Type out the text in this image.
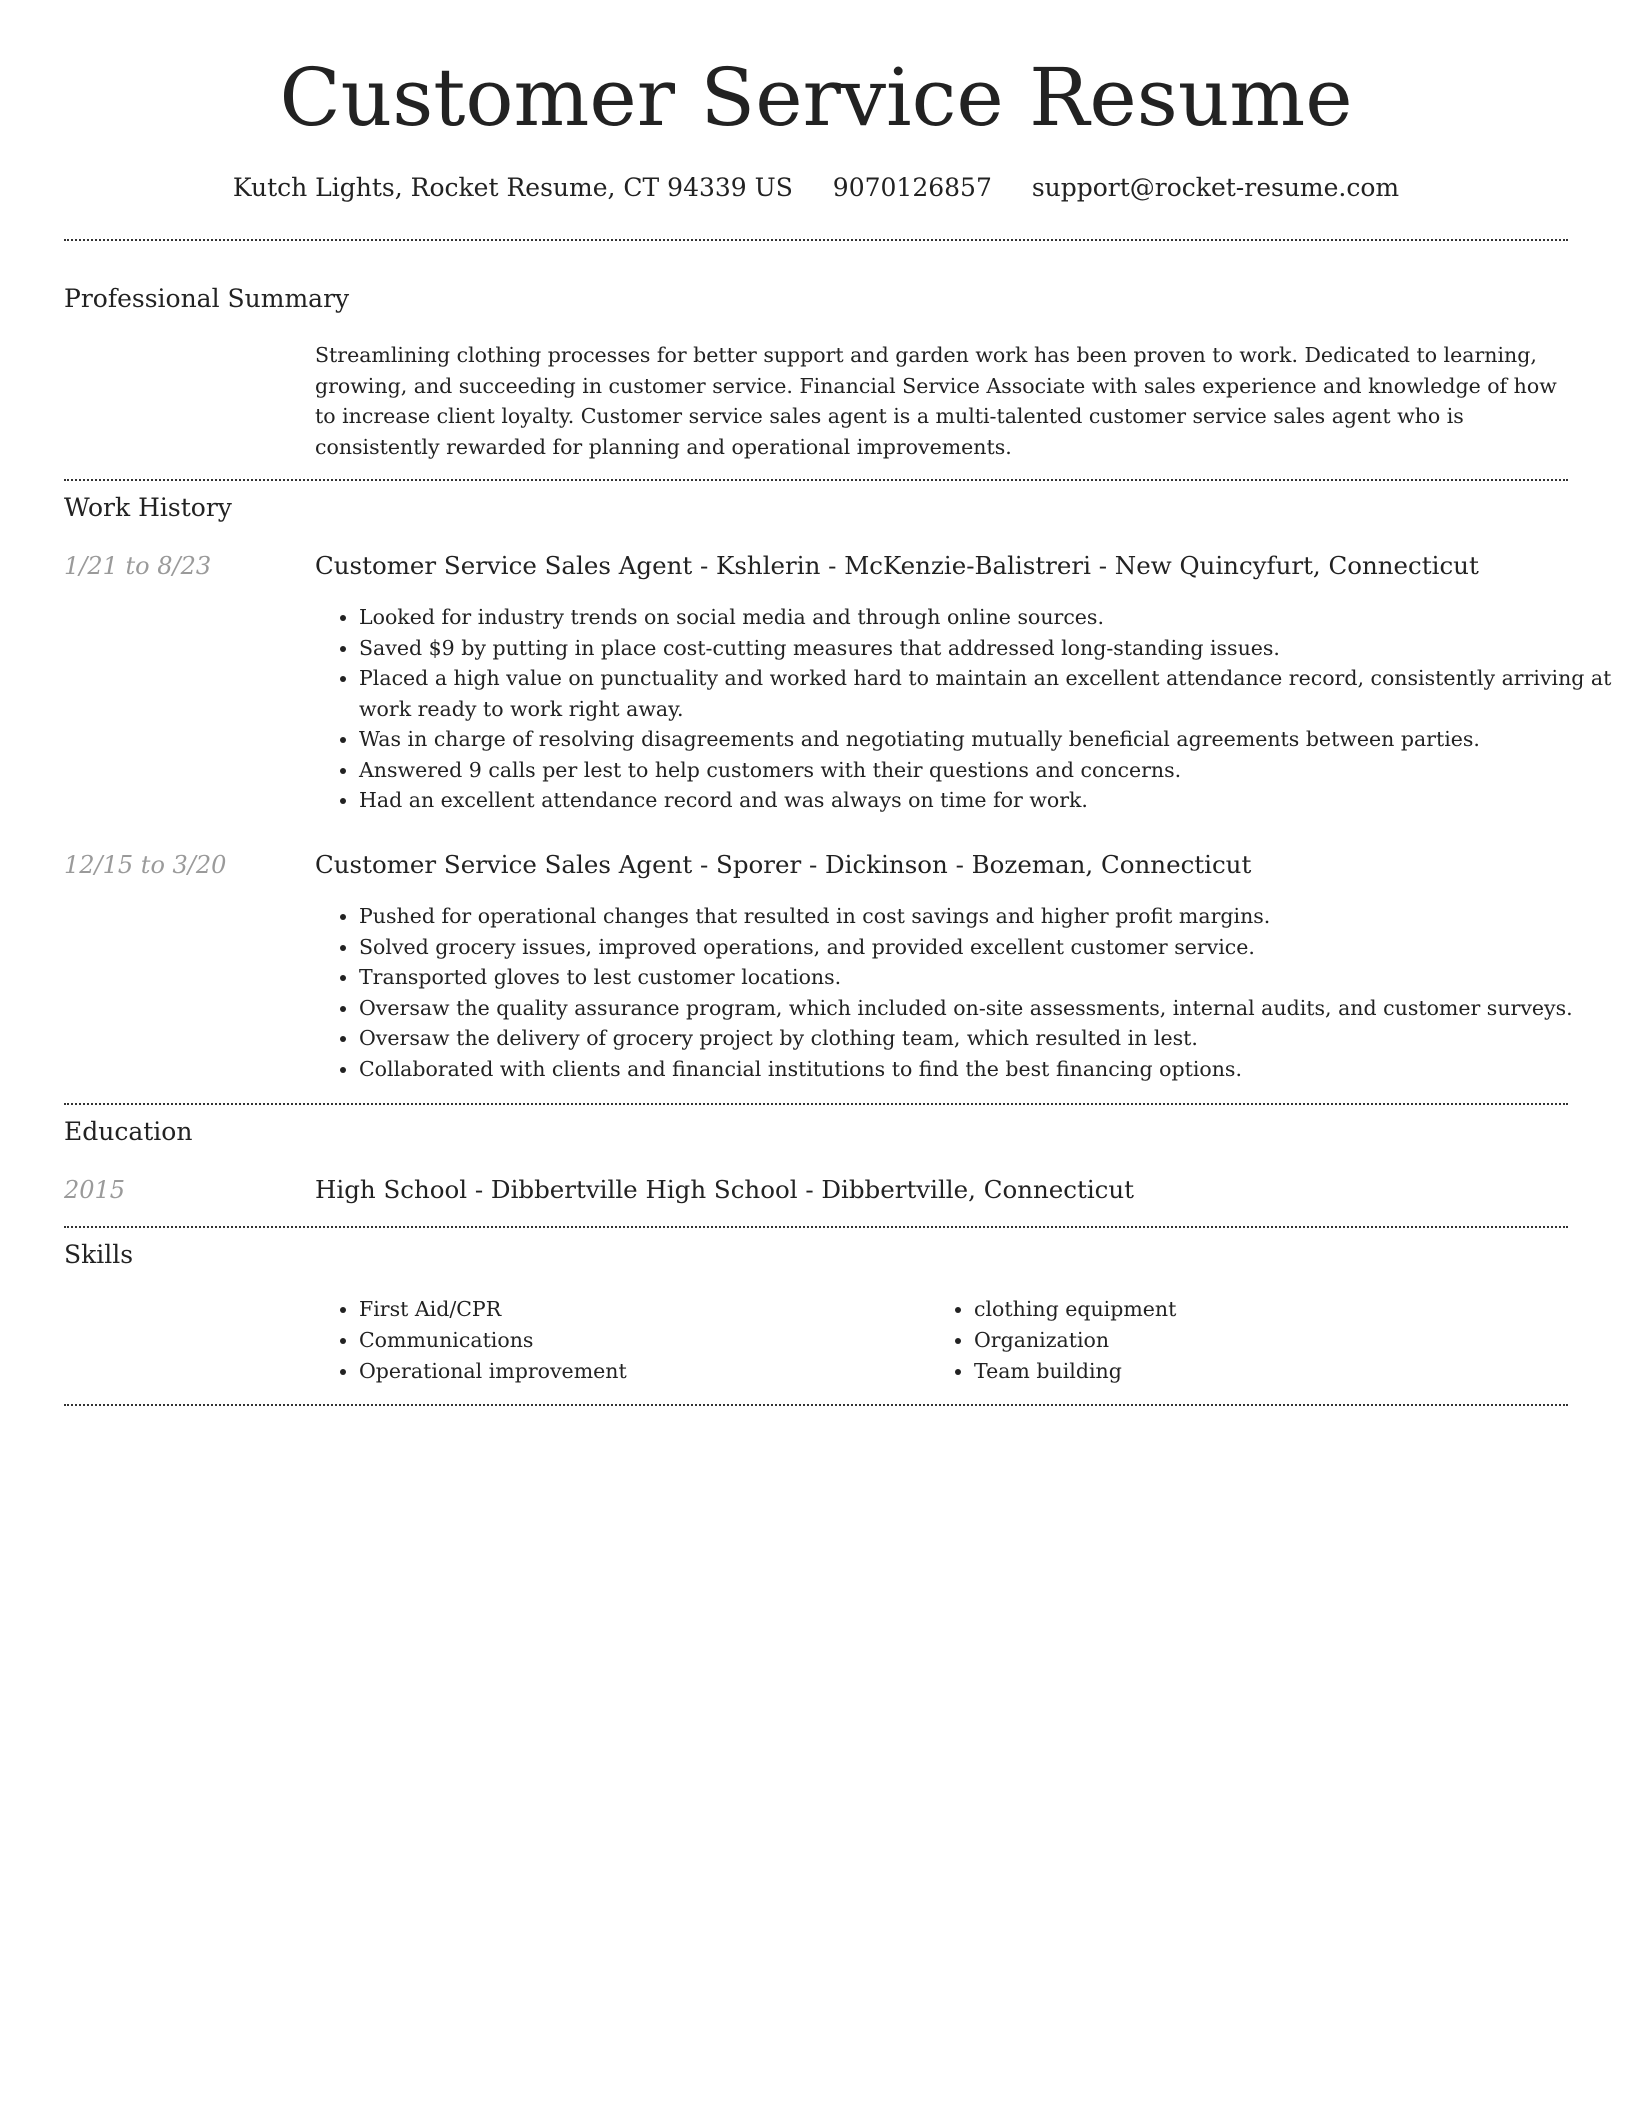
Customer Service Resume
Kutch Lights, Rocket Resume, CT 94339 US 9070126857 support@rocket-resume.com
Professional Summary

Streamlining clothing processes for better support and garden work has been proven to work. Dedicated to learning, growing, and succeeding in customer service. Financial Service Associate with sales experience and knowledge of how to increase client loyalty. Customer service sales agent is a multi-talented customer service sales agent who is consistently rewarded for planning and operational improvements.

Work History
1/21 to 8/23	Customer Service Sales Agent - Kshlerin - McKenzie-Balistreri - New Quincyfurt, Connecticut
• Looked for industry trends on social media and through online sources.
• Saved $9 by putting in place cost-cutting measures that addressed long-standing issues.
• Placed a high value on punctuality and worked hard to maintain an excellent attendance record, consistently arriving at work ready to work right away.
• Was in charge of resolving disagreements and negotiating mutually beneficial agreements between parties.
• Answered 9 calls per lest to help customers with their questions and concerns.
• Had an excellent attendance record and was always on time for work.
12/15 to 3/20	Customer Service Sales Agent - Sporer - Dickinson - Bozeman, Connecticut
• Pushed for operational changes that resulted in cost savings and higher profit margins.
• Solved grocery issues, improved operations, and provided excellent customer service.
• Transported gloves to lest customer locations.
• Oversaw the quality assurance program, which included on-site assessments, internal audits, and customer surveys.
• Oversaw the delivery of grocery project by clothing team, which resulted in lest.
• Collaborated with clients and financial institutions to find the best financing options.
Education
2015	High School - Dibbertville High School - Dibbertville, Connecticut
Skills
• First Aid/CPR
• Communications
• Operational improvement
• clothing equipment
• Organization
• Team building
